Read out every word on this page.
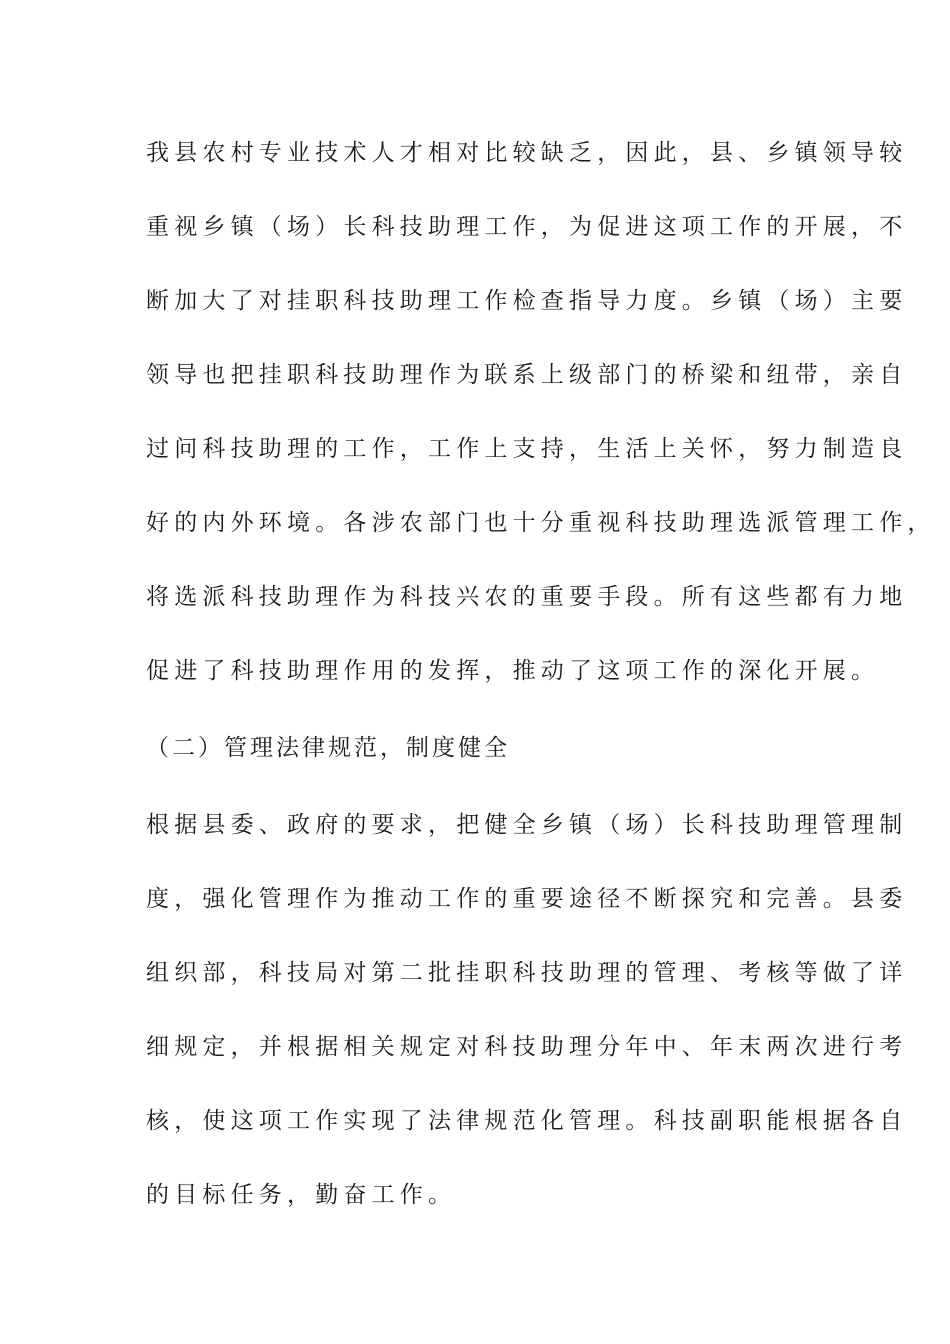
我县农村专业技术人才相对比较缺乏，因此，县、乡镇领导较
重视乡镇（场）长科技助理工作，为促进这项工作的开展，不
断加大了对挂职科技助理工作检查指导力度。乡镇（场）主要
领导也把挂职科技助理作为联系上级部门的桥梁和纽带，亲自
过问科技助理的工作，工作上支持，生活上关怀，努力制造良
好的内外环境。各涉农部门也十分重视科技助理选派管理工作，
将选派科技助理作为科技兴农的重要手段。所有这些都有力地
促进了科技助理作用的发挥，推动了这项工作的深化开展。
（二）管理法律规范，制度健全
根据县委、政府的要求，把健全乡镇（场）长科技助理管理制
度，强化管理作为推动工作的重要途径不断探究和完善。县委
组织部，科技局对第二批挂职科技助理的管理、考核等做了详
细规定，并根据相关规定对科技助理分年中、年末两次进行考
核，使这项工作实现了法律规范化管理。科技副职能根据各自
的目标任务，勤奋工作。
